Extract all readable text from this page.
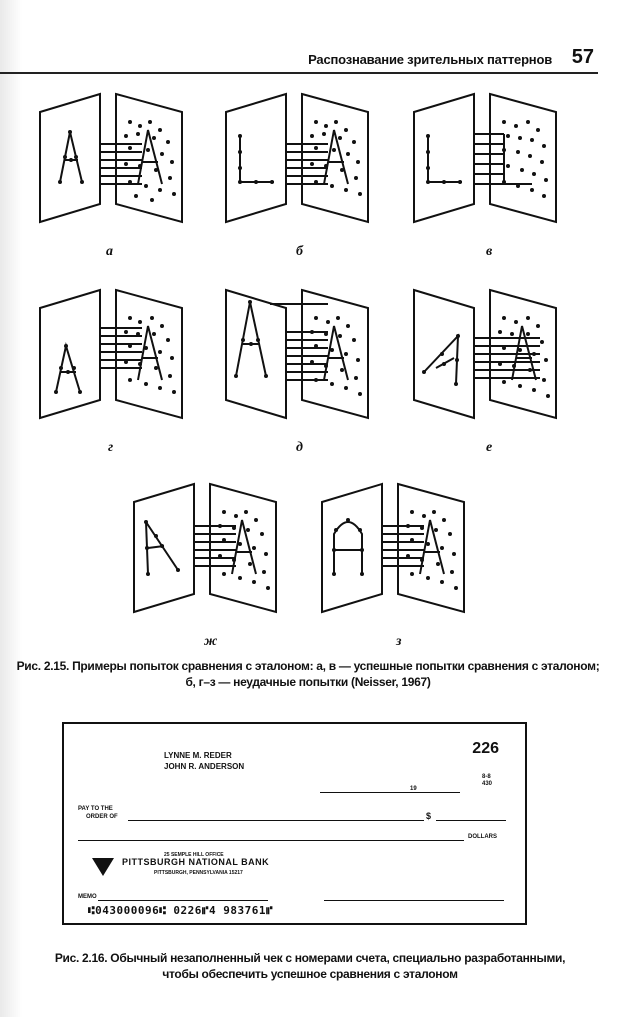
Распознавание зрительных паттернов 57
а	б	в
г	д	е
ж	з
Рис. 2.15. Примеры попыток сравнения с эталоном: а, в — успешные попытки сравнения с эталоном;
б, г–з — неудачные попытки (Neisser, 1967)
LYNNE M. REDER
JOHN R. ANDERSON
226
19
8-8
430
PAY TO THE
ORDER OF	$
DOLLARS
25 SEMPLE HILL OFFICE
PITTSBURGH NATIONAL BANK
PITTSBURGH, PENNSYLVANIA 15217
MEMO
⑆043000096⑆ 0226⑈4 983761⑈
Рис. 2.16. Обычный незаполненный чек с номерами счета, специально разработанными,
чтобы обеспечить успешное сравнения с эталоном
